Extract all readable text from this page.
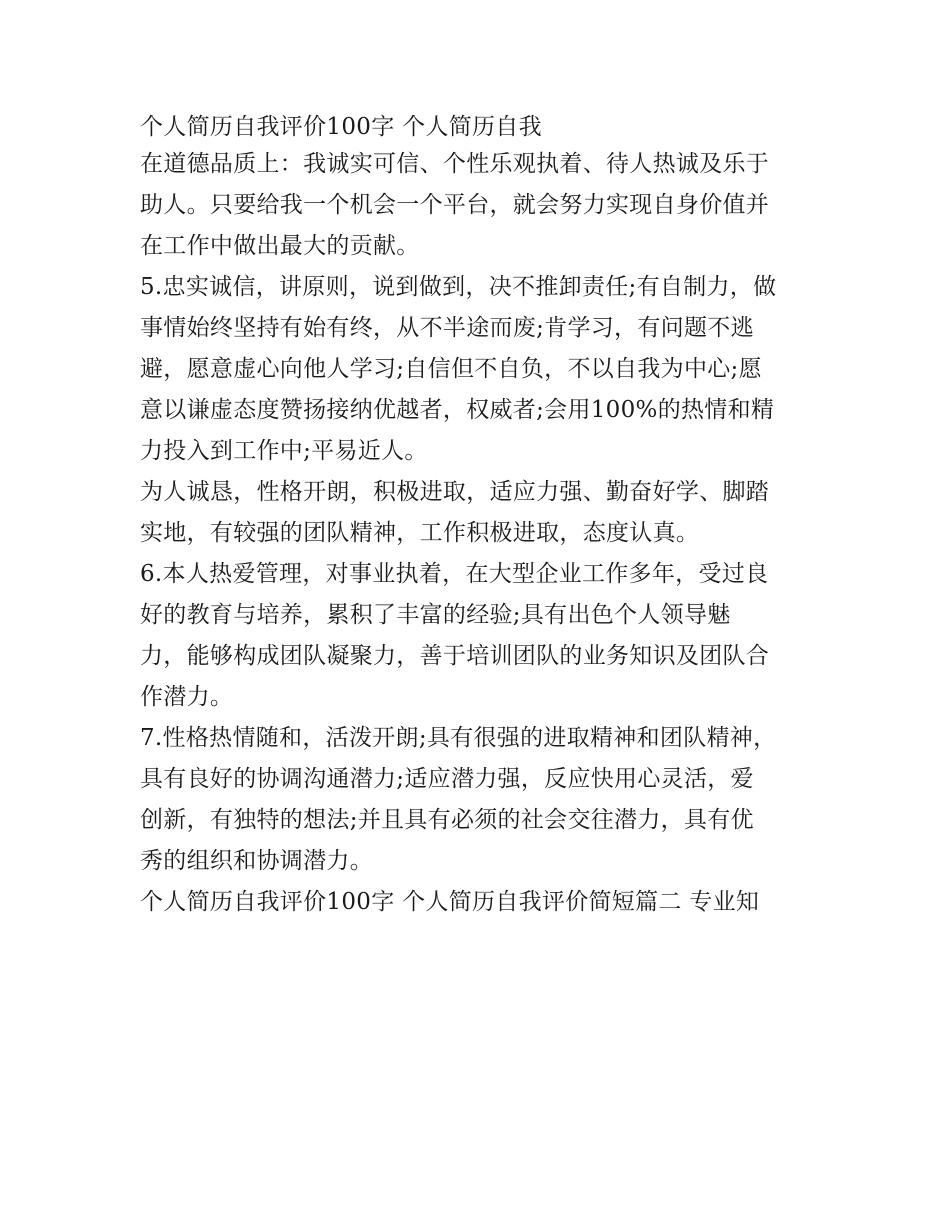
个人简历自我评价100字 个人简历自我
在道德品质上：我诚实可信、个性乐观执着、待人热诚及乐于
助人。只要给我一个机会一个平台，就会努力实现自身价值并
在工作中做出最大的贡献。
5.忠实诚信，讲原则，说到做到，决不推卸责任;有自制力，做
事情始终坚持有始有终，从不半途而废;肯学习，有问题不逃
避，愿意虚心向他人学习;自信但不自负，不以自我为中心;愿
意以谦虚态度赞扬接纳优越者，权威者;会用100%的热情和精
力投入到工作中;平易近人。
为人诚恳，性格开朗，积极进取，适应力强、勤奋好学、脚踏
实地，有较强的团队精神，工作积极进取，态度认真。
6.本人热爱管理，对事业执着，在大型企业工作多年，受过良
好的教育与培养，累积了丰富的经验;具有出色个人领导魅
力，能够构成团队凝聚力，善于培训团队的业务知识及团队合
作潜力。
7.性格热情随和，活泼开朗;具有很强的进取精神和团队精神，
具有良好的协调沟通潜力;适应潜力强，反应快用心灵活，爱
创新，有独特的想法;并且具有必须的社会交往潜力，具有优
秀的组织和协调潜力。
个人简历自我评价100字 个人简历自我评价简短篇二 专业知
